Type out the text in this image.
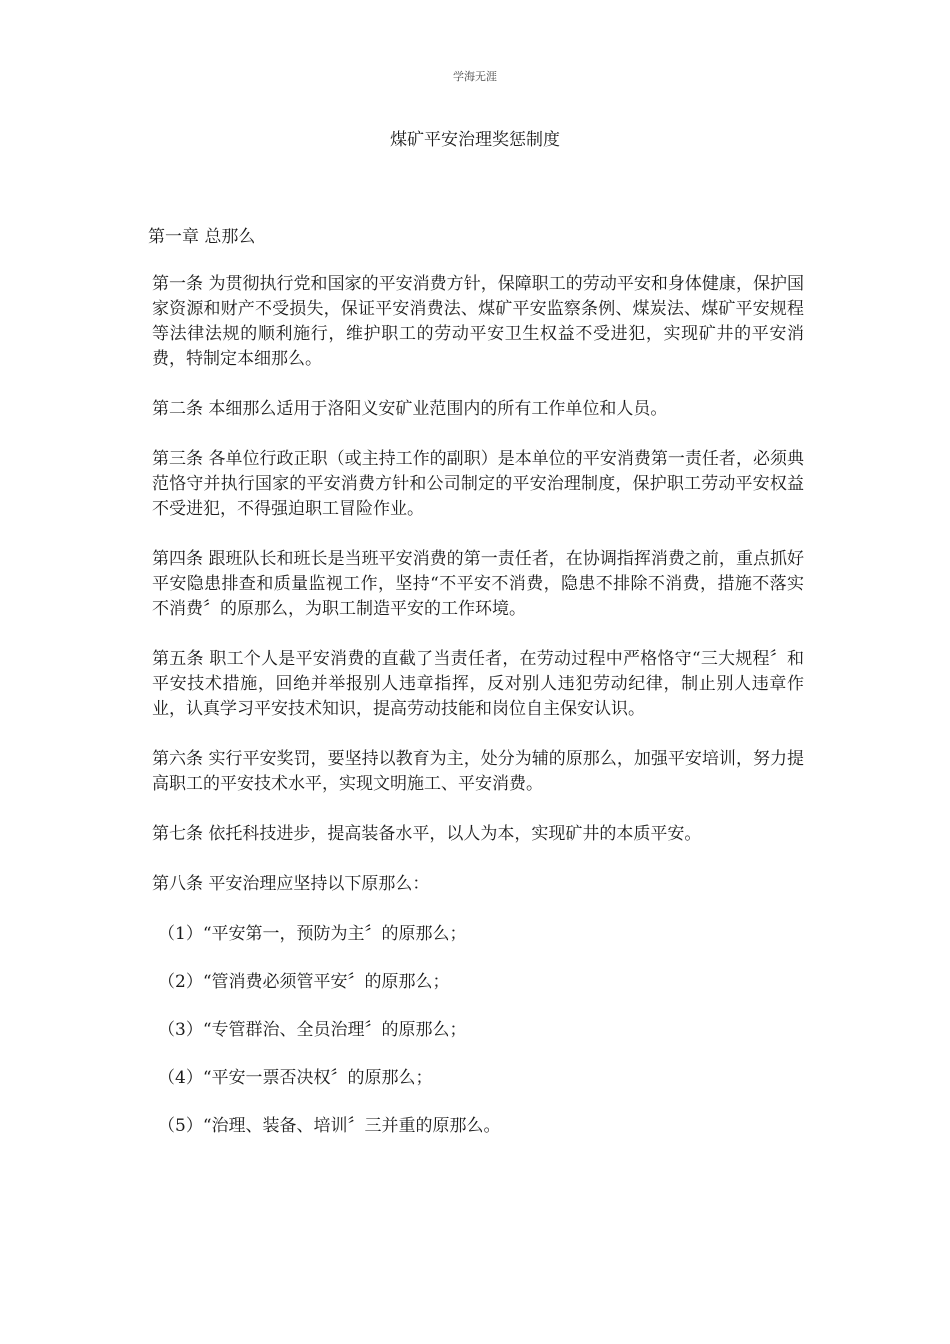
学海无涯
煤矿平安治理奖惩制度
第一章 总那么

第一条 为贯彻执行党和国家的平安消费方针，保障职工的劳动平安和身体健康，保护国家资源和财产不受损失，保证平安消费法、煤矿平安监察条例、煤炭法、煤矿平安规程等法律法规的顺利施行，维护职工的劳动平安卫生权益不受进犯，实现矿井的平安消费，特制定本细那么。

第二条 本细那么适用于洛阳义安矿业范围内的所有工作单位和人员。

第三条 各单位行政正职（或主持工作的副职）是本单位的平安消费第一责任者，必须典范恪守并执行国家的平安消费方针和公司制定的平安治理制度，保护职工劳动平安权益不受进犯，不得强迫职工冒险作业。

第四条 跟班队长和班长是当班平安消费的第一责任者，在协调指挥消费之前，重点抓好平安隐患排查和质量监视工作，坚持“不平安不消费，隐患不排除不消费，措施不落实不消费〞的原那么，为职工制造平安的工作环境。

第五条 职工个人是平安消费的直截了当责任者，在劳动过程中严格恪守“三大规程〞和平安技术措施，回绝并举报别人违章指挥，反对别人违犯劳动纪律，制止别人违章作业，认真学习平安技术知识，提高劳动技能和岗位自主保安认识。

第六条 实行平安奖罚，要坚持以教育为主，处分为辅的原那么，加强平安培训，努力提高职工的平安技术水平，实现文明施工、平安消费。

第七条 依托科技进步，提高装备水平，以人为本，实现矿井的本质平安。

第八条 平安治理应坚持以下原那么：

（1）“平安第一，预防为主〞的原那么；

（2）“管消费必须管平安〞的原那么；

（3）“专管群治、全员治理〞的原那么；

（4）“平安一票否决权〞的原那么；

（5）“治理、装备、培训〞三并重的原那么。
